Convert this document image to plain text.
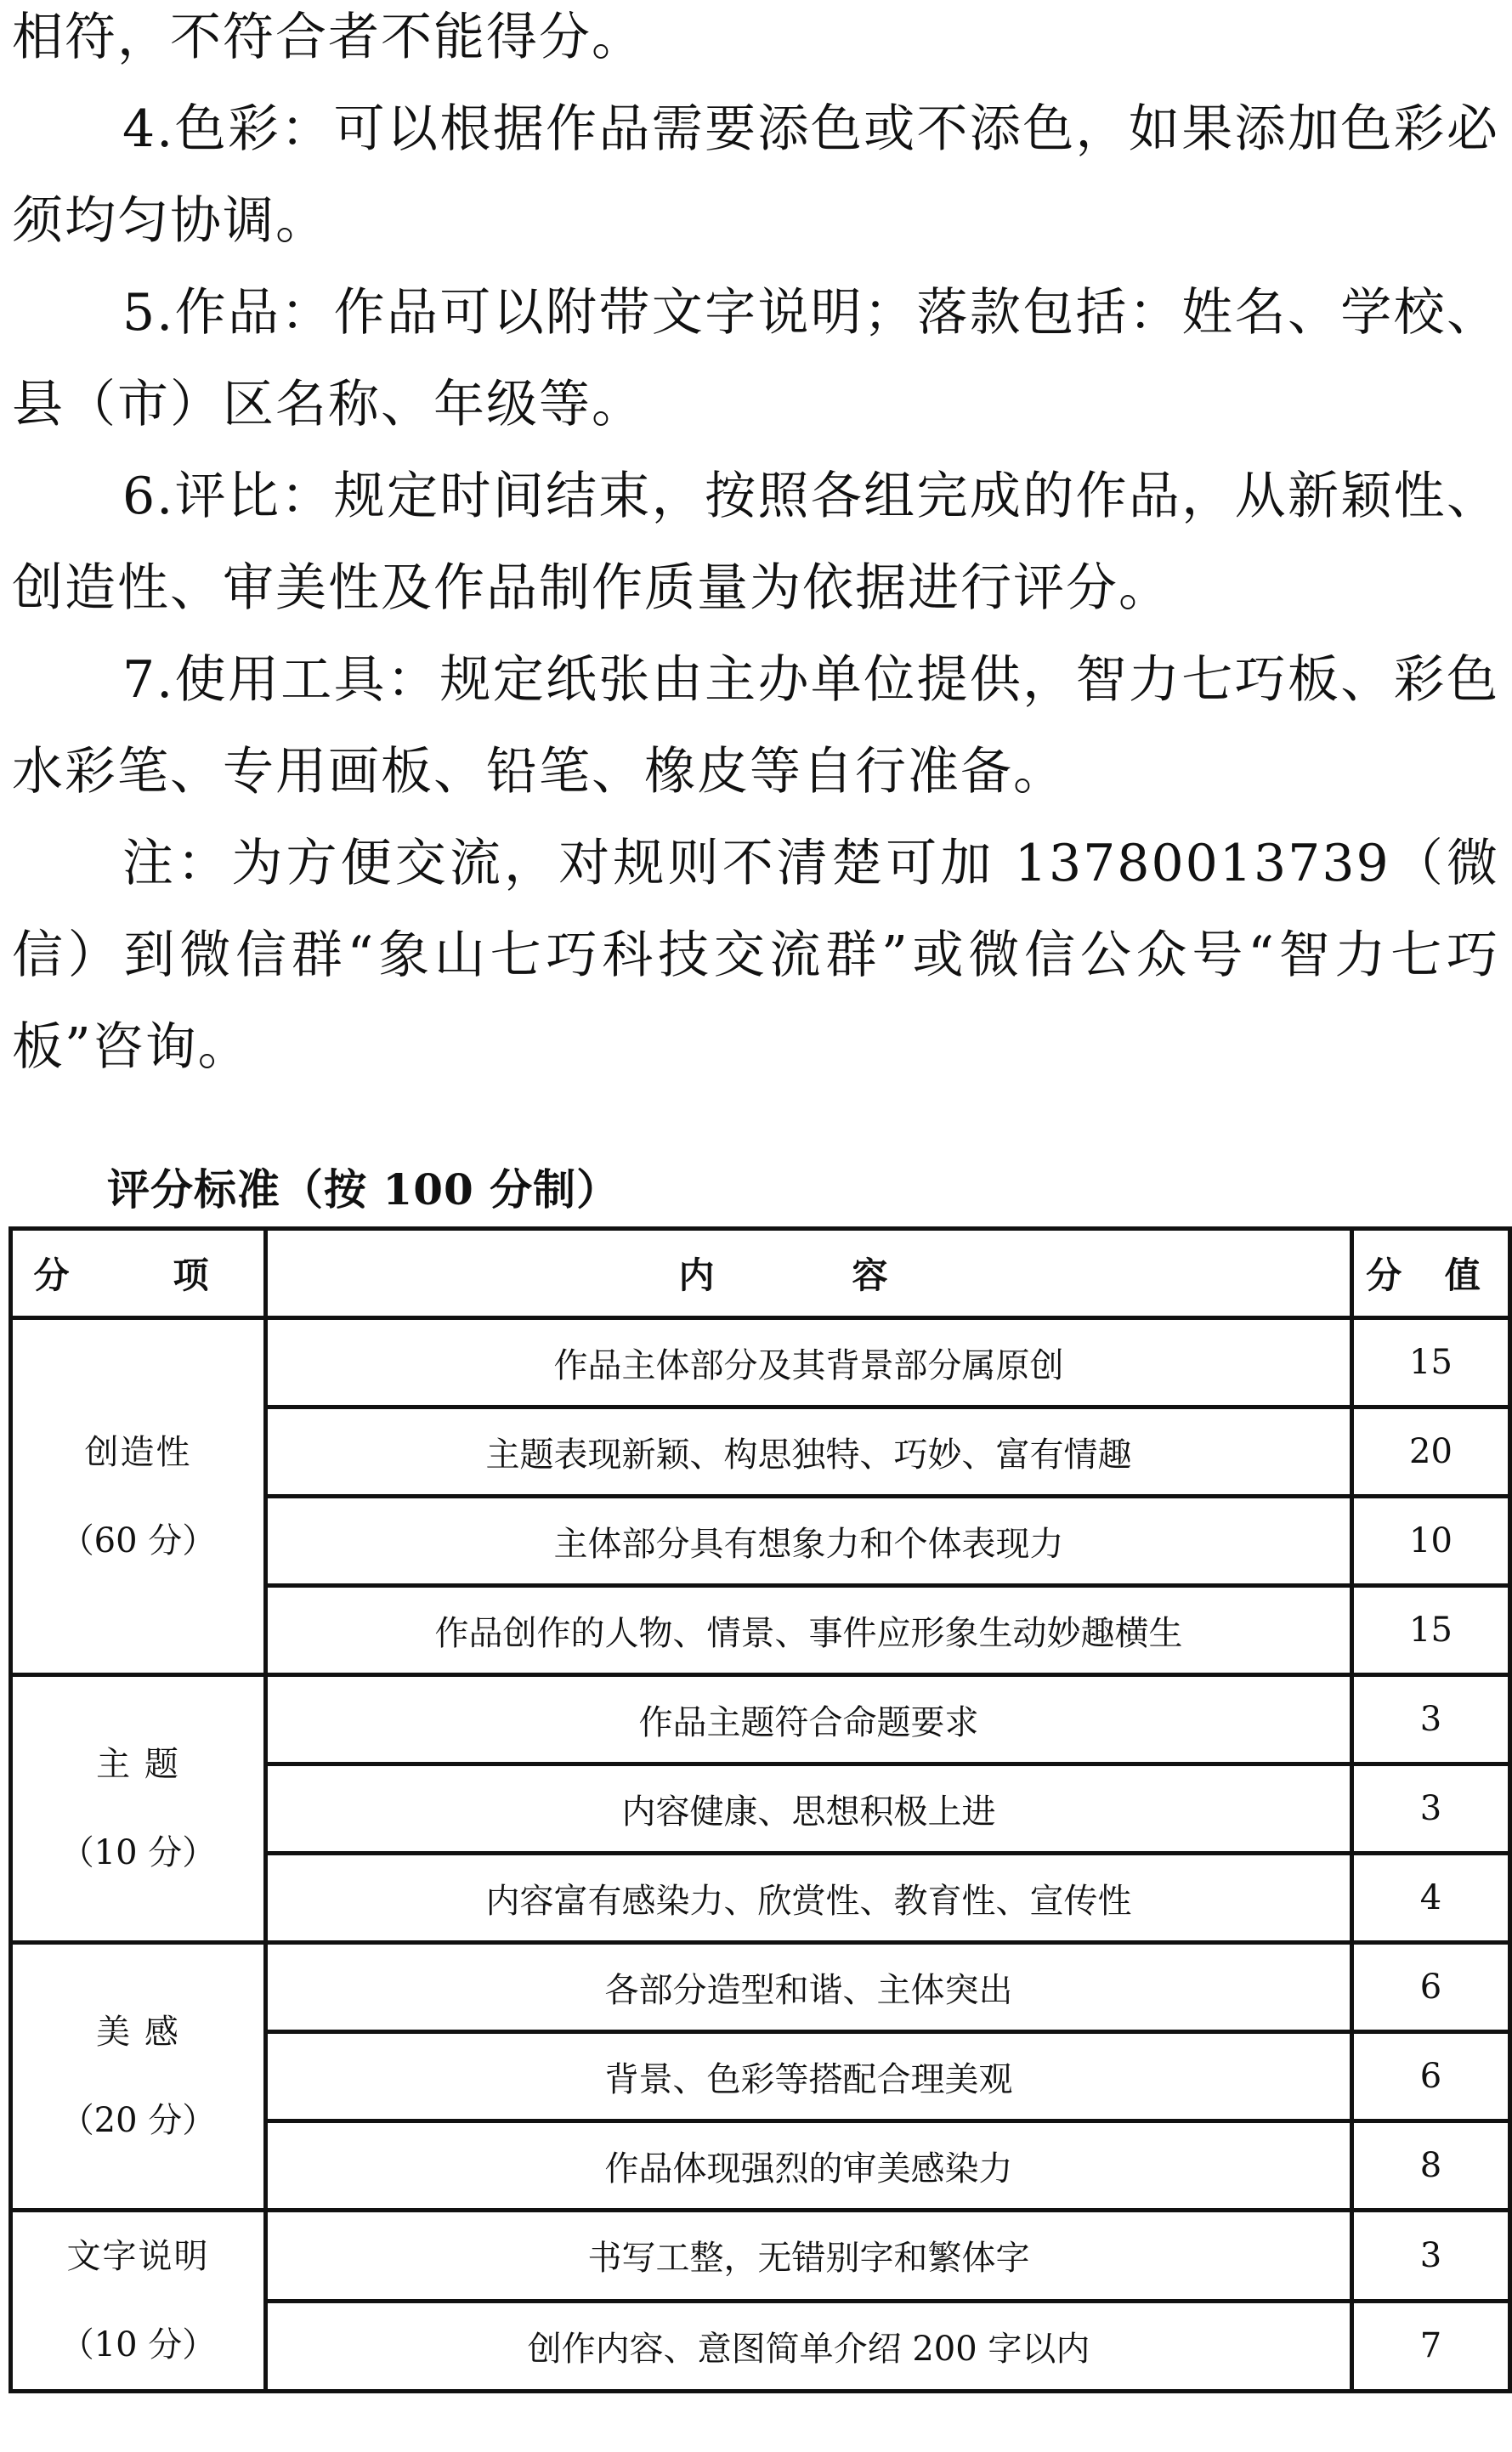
相符，不符合者不能得分。

4.色彩：可以根据作品需要添色或不添色，如果添加色彩必须均匀协调。

5.作品：作品可以附带文字说明；落款包括：姓名、学校、县（市）区名称、年级等。

6.评比：规定时间结束，按照各组完成的作品，从新颖性、创造性、审美性及作品制作质量为依据进行评分。

7.使用工具：规定纸张由主办单位提供，智力七巧板、彩色水彩笔、专用画板、铅笔、橡皮等自行准备。

注：为方便交流，对规则不清楚可加 13780013739（微信）到微信群“象山七巧科技交流群”或微信公众号“智力七巧板”咨询。

评分标准（按 100 分制）

分　项	内　容	分 值

创造性
（60 分）	作品主体部分及其背景部分属原创	15
	主题表现新颖、构思独特、巧妙、富有情趣	20
	主体部分具有想象力和个体表现力	10
	作品创作的人物、情景、事件应形象生动妙趣横生	15

主 题
（10 分）	作品主题符合命题要求	3
	内容健康、思想积极上进	3
	内容富有感染力、欣赏性、教育性、宣传性	4

美 感
（20 分）	各部分造型和谐、主体突出	6
	背景、色彩等搭配合理美观	6
	作品体现强烈的审美感染力	8

文字说明
（10 分）	书写工整，无错别字和繁体字	3
	创作内容、意图简单介绍 200 字以内	7
